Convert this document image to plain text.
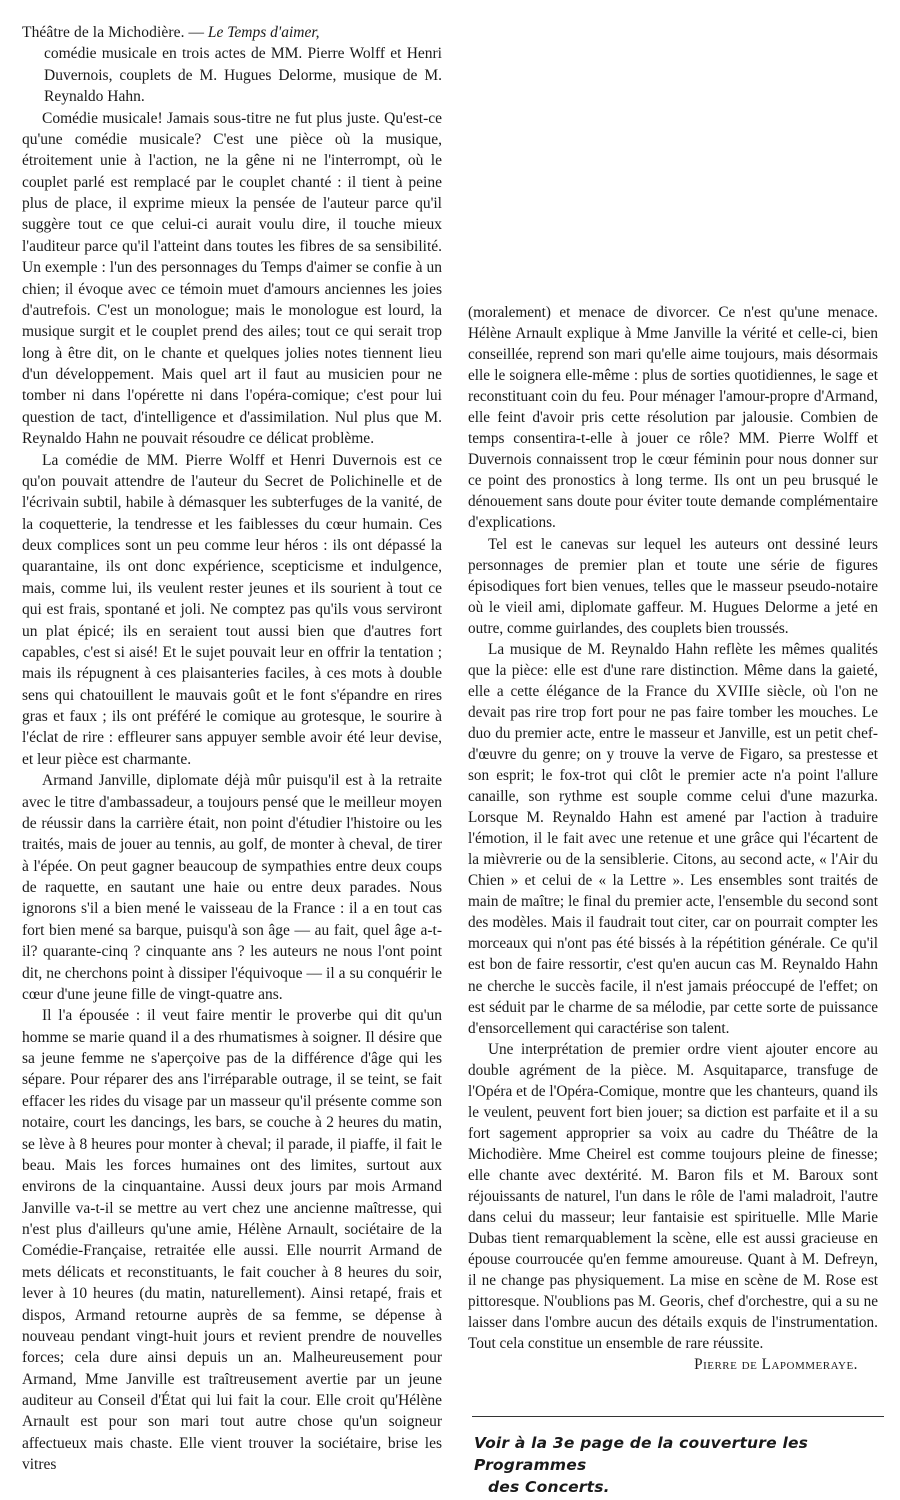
Théâtre de la Michodière. — Le Temps d'aimer,
comédie musicale en trois actes de MM. Pierre Wolff et Henri Duvernois, couplets de M. Hugues Delorme, musique de M. Reynaldo Hahn.

Comédie musicale! Jamais sous-titre ne fut plus juste. Qu'est-ce qu'une comédie musicale? C'est une pièce où la musique, étroitement unie à l'action, ne la gêne ni ne l'interrompt, où le couplet parlé est remplacé par le couplet chanté : il tient à peine plus de place, il exprime mieux la pensée de l'auteur parce qu'il suggère tout ce que celui-ci aurait voulu dire, il touche mieux l'auditeur parce qu'il l'atteint dans toutes les fibres de sa sensibilité. Un exemple : l'un des personnages du Temps d'aimer se confie à un chien; il évoque avec ce témoin muet d'amours anciennes les joies d'autrefois. C'est un monologue; mais le monologue est lourd, la musique surgit et le couplet prend des ailes; tout ce qui serait trop long à être dit, on le chante et quelques jolies notes tiennent lieu d'un développement. Mais quel art il faut au musicien pour ne tomber ni dans l'opérette ni dans l'opéra-comique; c'est pour lui question de tact, d'intelligence et d'assimilation. Nul plus que M. Reynaldo Hahn ne pouvait résoudre ce délicat problème.

La comédie de MM. Pierre Wolff et Henri Duvernois est ce qu'on pouvait attendre de l'auteur du Secret de Polichinelle et de l'écrivain subtil, habile à démasquer les subterfuges de la vanité, de la coquetterie, la tendresse et les faiblesses du cœur humain. Ces deux complices sont un peu comme leur héros : ils ont dépassé la quarantaine, ils ont donc expérience, scepticisme et indulgence, mais, comme lui, ils veulent rester jeunes et ils sourient à tout ce qui est frais, spontané et joli. Ne comptez pas qu'ils vous serviront un plat épicé; ils en seraient tout aussi bien que d'autres fort capables, c'est si aisé! Et le sujet pouvait leur en offrir la tentation ; mais ils répugnent à ces plaisanteries faciles, à ces mots à double sens qui chatouillent le mauvais goût et le font s'épandre en rires gras et faux ; ils ont préféré le comique au grotesque, le sourire à l'éclat de rire : effleurer sans appuyer semble avoir été leur devise, et leur pièce est charmante.

Armand Janville, diplomate déjà mûr puisqu'il est à la retraite avec le titre d'ambassadeur, a toujours pensé que le meilleur moyen de réussir dans la carrière était, non point d'étudier l'histoire ou les traités, mais de jouer au tennis, au golf, de monter à cheval, de tirer à l'épée. On peut gagner beaucoup de sympathies entre deux coups de raquette, en sautant une haie ou entre deux parades. Nous ignorons s'il a bien mené le vaisseau de la France : il a en tout cas fort bien mené sa barque, puisqu'à son âge — au fait, quel âge a-t-il? quarante-cinq ? cinquante ans ? les auteurs ne nous l'ont point dit, ne cherchons point à dissiper l'équivoque — il a su conquérir le cœur d'une jeune fille de vingt-quatre ans.

Il l'a épousée : il veut faire mentir le proverbe qui dit qu'un homme se marie quand il a des rhumatismes à soigner. Il désire que sa jeune femme ne s'aperçoive pas de la différence d'âge qui les sépare. Pour réparer des ans l'irréparable outrage, il se teint, se fait effacer les rides du visage par un masseur qu'il présente comme son notaire, court les dancings, les bars, se couche à 2 heures du matin, se lève à 8 heures pour monter à cheval; il parade, il piaffe, il fait le beau. Mais les forces humaines ont des limites, surtout aux environs de la cinquantaine. Aussi deux jours par mois Armand Janville va-t-il se mettre au vert chez une ancienne maîtresse, qui n'est plus d'ailleurs qu'une amie, Hélène Arnault, sociétaire de la Comédie-Française, retraitée elle aussi. Elle nourrit Armand de mets délicats et reconstituants, le fait coucher à 8 heures du soir, lever à 10 heures (du matin, naturellement). Ainsi retapé, frais et dispos, Armand retourne auprès de sa femme, se dépense à nouveau pendant vingt-huit jours et revient prendre de nouvelles forces; cela dure ainsi depuis un an. Malheureusement pour Armand, Mme Janville est traîtreusement avertie par un jeune auditeur au Conseil d'État qui lui fait la cour. Elle croit qu'Hélène Arnault est pour son mari tout autre chose qu'un soigneur affectueux mais chaste. Elle vient trouver la sociétaire, brise les vitres

(moralement) et menace de divorcer. Ce n'est qu'une menace. Hélène Arnault explique à Mme Janville la vérité et celle-ci, bien conseillée, reprend son mari qu'elle aime toujours, mais désormais elle le soignera elle-même : plus de sorties quotidiennes, le sage et reconstituant coin du feu. Pour ménager l'amour-propre d'Armand, elle feint d'avoir pris cette résolution par jalousie. Combien de temps consentira-t-elle à jouer ce rôle? MM. Pierre Wolff et Duvernois connaissent trop le cœur féminin pour nous donner sur ce point des pronostics à long terme. Ils ont un peu brusqué le dénouement sans doute pour éviter toute demande complémentaire d'explications.

Tel est le canevas sur lequel les auteurs ont dessiné leurs personnages de premier plan et toute une série de figures épisodiques fort bien venues, telles que le masseur pseudo-notaire où le vieil ami, diplomate gaffeur. M. Hugues Delorme a jeté en outre, comme guirlandes, des couplets bien troussés.

La musique de M. Reynaldo Hahn reflète les mêmes qualités que la pièce: elle est d'une rare distinction. Même dans la gaieté, elle a cette élégance de la France du XVIIIe siècle, où l'on ne devait pas rire trop fort pour ne pas faire tomber les mouches. Le duo du premier acte, entre le masseur et Janville, est un petit chef-d'œuvre du genre; on y trouve la verve de Figaro, sa prestesse et son esprit; le fox-trot qui clôt le premier acte n'a point l'allure canaille, son rythme est souple comme celui d'une mazurka. Lorsque M. Reynaldo Hahn est amené par l'action à traduire l'émotion, il le fait avec une retenue et une grâce qui l'écartent de la mièvrerie ou de la sensiblerie. Citons, au second acte, « l'Air du Chien » et celui de « la Lettre ». Les ensembles sont traités de main de maître; le final du premier acte, l'ensemble du second sont des modèles. Mais il faudrait tout citer, car on pourrait compter les morceaux qui n'ont pas été bissés à la répétition générale. Ce qu'il est bon de faire ressortir, c'est qu'en aucun cas M. Reynaldo Hahn ne cherche le succès facile, il n'est jamais préoccupé de l'effet; on est séduit par le charme de sa mélodie, par cette sorte de puissance d'ensorcellement qui caractérise son talent.

Une interprétation de premier ordre vient ajouter encore au double agrément de la pièce. M. Asquitaparce, transfuge de l'Opéra et de l'Opéra-Comique, montre que les chanteurs, quand ils le veulent, peuvent fort bien jouer; sa diction est parfaite et il a su fort sagement approprier sa voix au cadre du Théâtre de la Michodière. Mme Cheirel est comme toujours pleine de finesse; elle chante avec dextérité. M. Baron fils et M. Baroux sont réjouissants de naturel, l'un dans le rôle de l'ami maladroit, l'autre dans celui du masseur; leur fantaisie est spirituelle. Mlle Marie Dubas tient remarquablement la scène, elle est aussi gracieuse en épouse courroucée qu'en femme amoureuse. Quant à M. Defreyn, il ne change pas physiquement. La mise en scène de M. Rose est pittoresque. N'oublions pas M. Georis, chef d'orchestre, qui a su ne laisser dans l'ombre aucun des détails exquis de l'instrumentation. Tout cela constitue un ensemble de rare réussite.

Pierre de Lapommeraye.

Voir à la 3e page de la couverture les Programmes
des Concerts.
